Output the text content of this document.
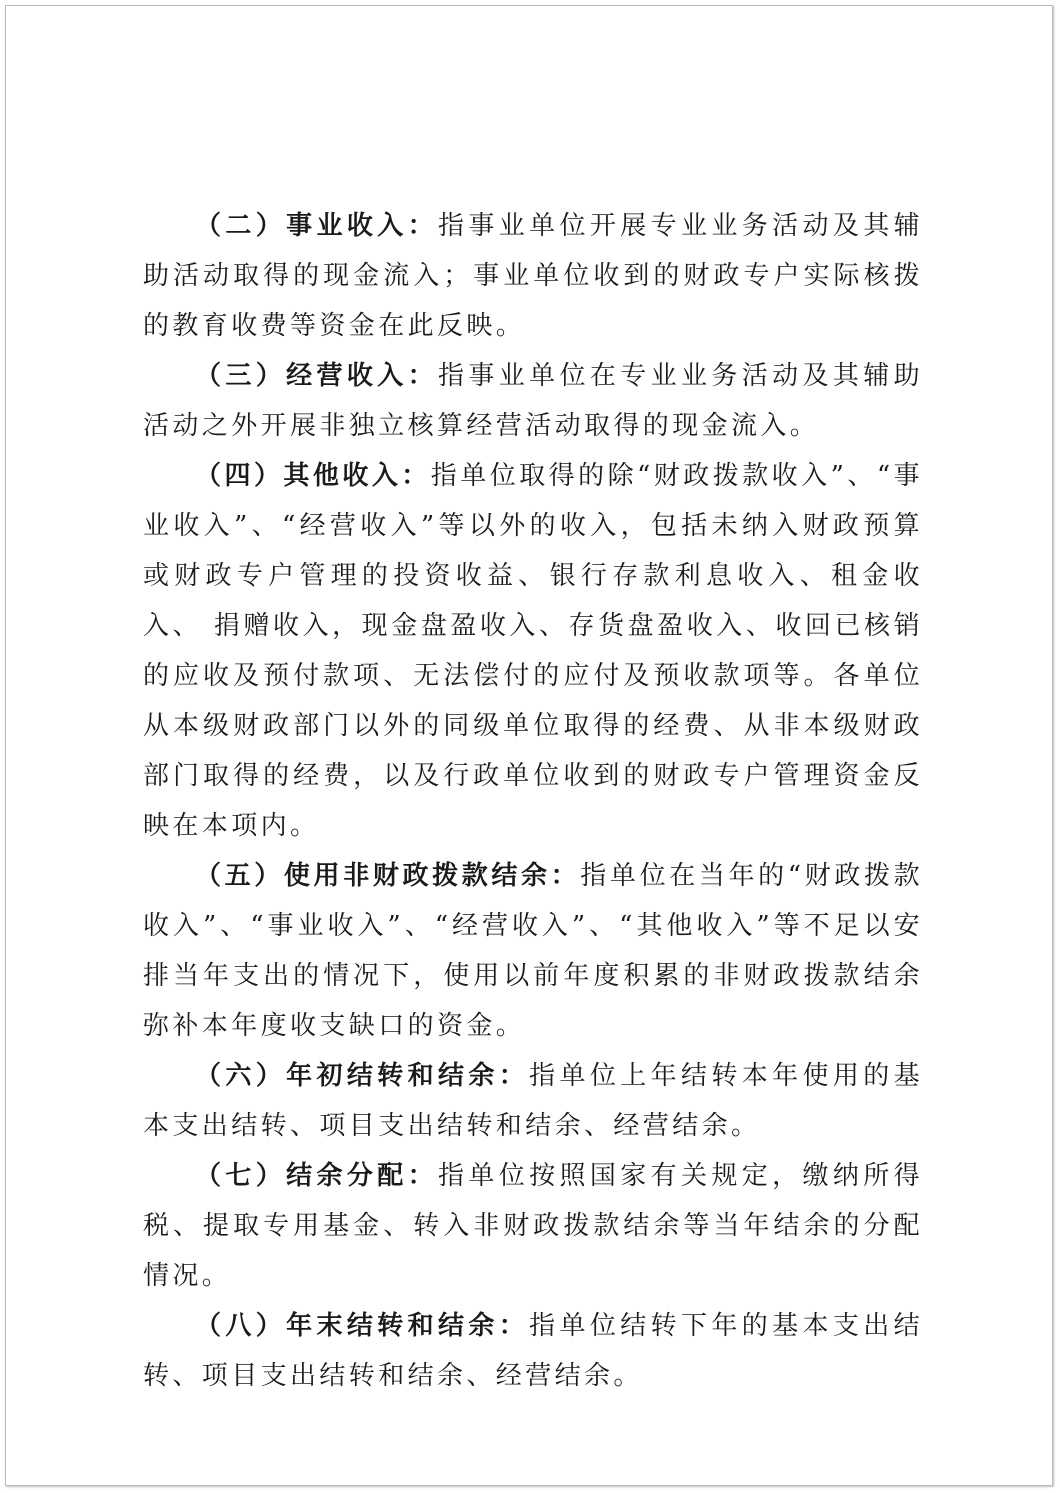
（二）事业收入：指事业单位开展专业业务活动及其辅助活动取得的现金流入；事业单位收到的财政专户实际核拨的教育收费等资金在此反映。

（三）经营收入：指事业单位在专业业务活动及其辅助活动之外开展非独立核算经营活动取得的现金流入。

（四）其他收入：指单位取得的除“财政拨款收入”、“事业收入”、“经营收入”等以外的收入，包括未纳入财政预算或财政专户管理的投资收益、银行存款利息收入、租金收入、 捐赠收入，现金盘盈收入、存货盘盈收入、收回已核销的应收及预付款项、无法偿付的应付及预收款项等。各单位从本级财政部门以外的同级单位取得的经费、从非本级财政部门取得的经费，以及行政单位收到的财政专户管理资金反映在本项内。

（五）使用非财政拨款结余：指单位在当年的“财政拨款收入”、“事业收入”、“经营收入”、“其他收入”等不足以安排当年支出的情况下，使用以前年度积累的非财政拨款结余弥补本年度收支缺口的资金。

（六）年初结转和结余：指单位上年结转本年使用的基本支出结转、项目支出结转和结余、经营结余。

（七）结余分配：指单位按照国家有关规定，缴纳所得税、提取专用基金、转入非财政拨款结余等当年结余的分配情况。

（八）年末结转和结余：指单位结转下年的基本支出结转、项目支出结转和结余、经营结余。
